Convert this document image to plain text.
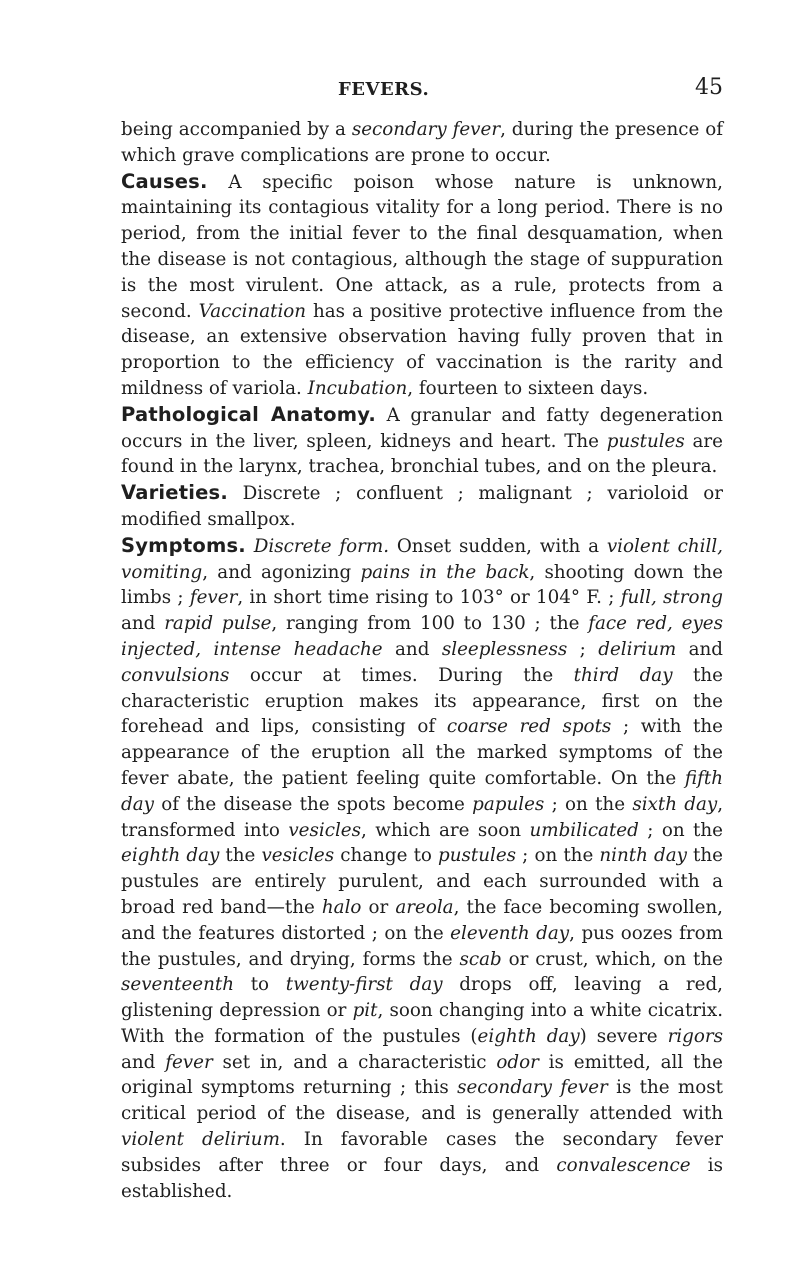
FEVERS.	45

being accompanied by a secondary fever, during the presence of which grave complications are prone to occur.

Causes. A specific poison whose nature is unknown, maintaining its contagious vitality for a long period. There is no period, from the initial fever to the final desquamation, when the disease is not contagious, although the stage of suppuration is the most virulent. One attack, as a rule, protects from a second. Vaccination has a positive protective influence from the disease, an extensive observation having fully proven that in proportion to the efficiency of vaccination is the rarity and mildness of variola. Incubation, fourteen to sixteen days.

Pathological Anatomy. A granular and fatty degeneration occurs in the liver, spleen, kidneys and heart. The pustules are found in the larynx, trachea, bronchial tubes, and on the pleura.

Varieties. Discrete ; confluent ; malignant ; varioloid or modified smallpox.

Symptoms. Discrete form. Onset sudden, with a violent chill, vomiting, and agonizing pains in the back, shooting down the limbs ; fever, in short time rising to 103° or 104° F. ; full, strong and rapid pulse, ranging from 100 to 130 ; the face red, eyes injected, intense headache and sleeplessness ; delirium and convulsions occur at times. During the third day the characteristic eruption makes its appearance, first on the forehead and lips, consisting of coarse red spots ; with the appearance of the eruption all the marked symptoms of the fever abate, the patient feeling quite comfortable. On the fifth day of the disease the spots become papules ; on the sixth day, transformed into vesicles, which are soon umbilicated ; on the eighth day the vesicles change to pustules ; on the ninth day the pustules are entirely purulent, and each surrounded with a broad red band—the halo or areola, the face becoming swollen, and the features distorted ; on the eleventh day, pus oozes from the pustules, and drying, forms the scab or crust, which, on the seventeenth to twenty-first day drops off, leaving a red, glistening depression or pit, soon changing into a white cicatrix. With the formation of the pustules (eighth day) severe rigors and fever set in, and a characteristic odor is emitted, all the original symptoms returning ; this secondary fever is the most critical period of the disease, and is generally attended with violent delirium. In favorable cases the secondary fever subsides after three or four days, and convalescence is established.
